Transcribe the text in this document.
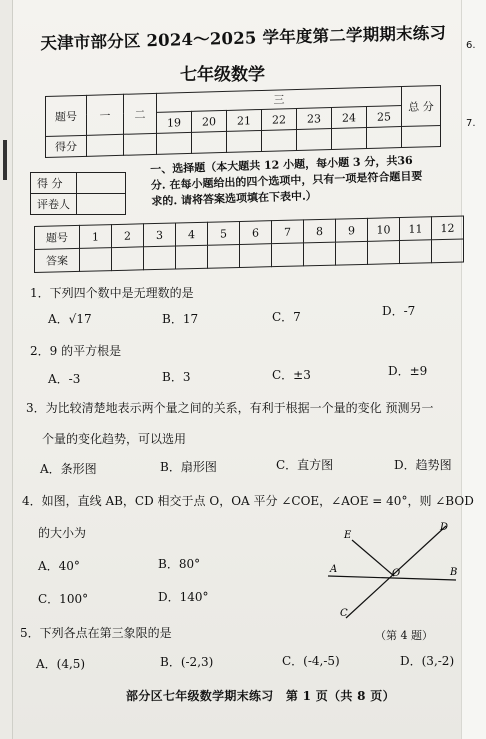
6.
7.
天津市部分区 2024～2025 学年度第二学期期末练习
七年级数学
题号	一	二	三							总 分
			19	20	21	22	23	24	25	
得分										
得 分	
评卷人	
一、选择题（本大题共 12 小题，每小题 3 分，共36 分. 在每小题给出的四个选项中，只有一项是符合题目要求的. 请将答案选项填在下表中.）
题号	1	2	3	4	5	6	7	8	9	10	11	12
答案												
1．下列四个数中是无理数的是
A．√17	B．17	C．7	D．-7
2．9 的平方根是
A．-3	B．3	C．±3	D．±9
3．为比较清楚地表示两个量之间的关系，有利于根据一个量的变化 预测另一
个量的变化趋势，可以选用
A．条形图	B．扇形图	C．直方图	D．趋势图
4．如图，直线 AB，CD 相交于点 O，OA 平分 ∠COE，∠AOE = 40°，则 ∠BOD
的大小为
A．40°	B．80°
C．100°	D．140°
E
D
A	O	B
C
（第 4 题）
5．下列各点在第三象限的是
A．(4,5)	B．(-2,3)	C．(-4,-5)	D．(3,-2)
部分区七年级数学期末练习　第 1 页（共 8 页）
